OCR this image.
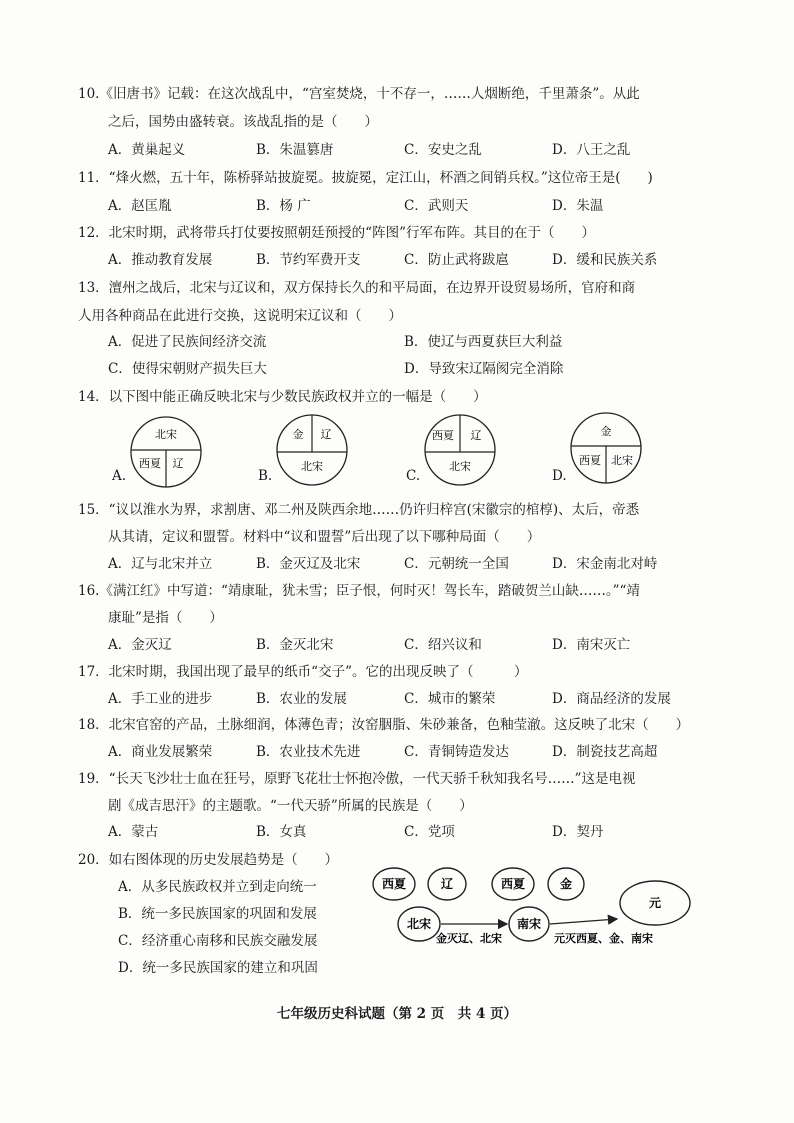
10.《旧唐书》记载：在这次战乱中，“宫室焚烧，十不存一，……人烟断绝，千里萧条”。从此
之后，国势由盛转衰。该战乱指的是（　　）
A．黄巢起义	B．朱温篡唐	C．安史之乱	D．八王之乱
11．“烽火燃，五十年，陈桥驿站披旋冕。披旋冕，定江山，杯酒之间销兵权。”这位帝王是(　　)
A．赵匡胤	B．杨 广	C．武则天	D．朱温
12．北宋时期，武将带兵打仗要按照朝廷预授的“阵图”行军布阵。其目的在于（　　）
A．推动教育发展	B．节约军费开支	C．防止武将跋扈	D．缓和民族关系
13．澶州之战后，北宋与辽议和，双方保持长久的和平局面，在边界开设贸易场所，官府和商
人用各种商品在此进行交换，这说明宋辽议和（　　）
A．促进了民族间经济交流	B．使辽与西夏获巨大利益
C．使得宋朝财产损失巨大	D．导致宋辽隔阂完全消除
14．以下图中能正确反映北宋与少数民族政权并立的一幅是（　　）
A.
北宋
西夏 辽
B.
金 辽
北宋
C.
西夏 辽
北宋
D.
金
西夏 北宋
15．“议以淮水为界，求割唐、邓二州及陕西余地……仍许归梓宫(宋徽宗的棺椁)、太后，帝悉
从其请，定议和盟誓。材料中“议和盟誓”后出现了以下哪种局面（　　）
A．辽与北宋并立	B．金灭辽及北宋	C．元朝统一全国	D．宋金南北对峙
16.《满江红》中写道：“靖康耻，犹未雪；臣子恨，何时灭！驾长车，踏破贺兰山缺……。”“靖
康耻”是指（　　）
A．金灭辽	B．金灭北宋	C．绍兴议和	D．南宋灭亡
17．北宋时期，我国出现了最早的纸币“交子”。它的出现反映了（　　　）
A．手工业的进步	B．农业的发展	C．城市的繁荣	D．商品经济的发展
18．北宋官窑的产品，土脉细润，体薄色青；汝窑胭脂、朱砂兼备，色釉莹澈。这反映了北宋（　　）
A．商业发展繁荣	B．农业技术先进	C．青铜铸造发达	D．制瓷技艺高超
19．“长天飞沙壮士血在狂号，原野飞花壮士怀抱冷傲，一代天骄千秋知我名号……”这是电视
剧《成吉思汗》的主题歌。“一代天骄”所属的民族是（　　）
A．蒙古	B．女真	C．党项	D．契丹
20．如右图体现的历史发展趋势是（　　）
A．从多民族政权并立到走向统一
B．统一多民族国家的巩固和发展
C．经济重心南移和民族交融发展
D．统一多民族国家的建立和巩固
西夏	辽
北宋
西夏	金
南宋
元
金灭辽、北宋	元灭西夏、金、南宋
七年级历史科试题（第 2 页　共 4 页）
